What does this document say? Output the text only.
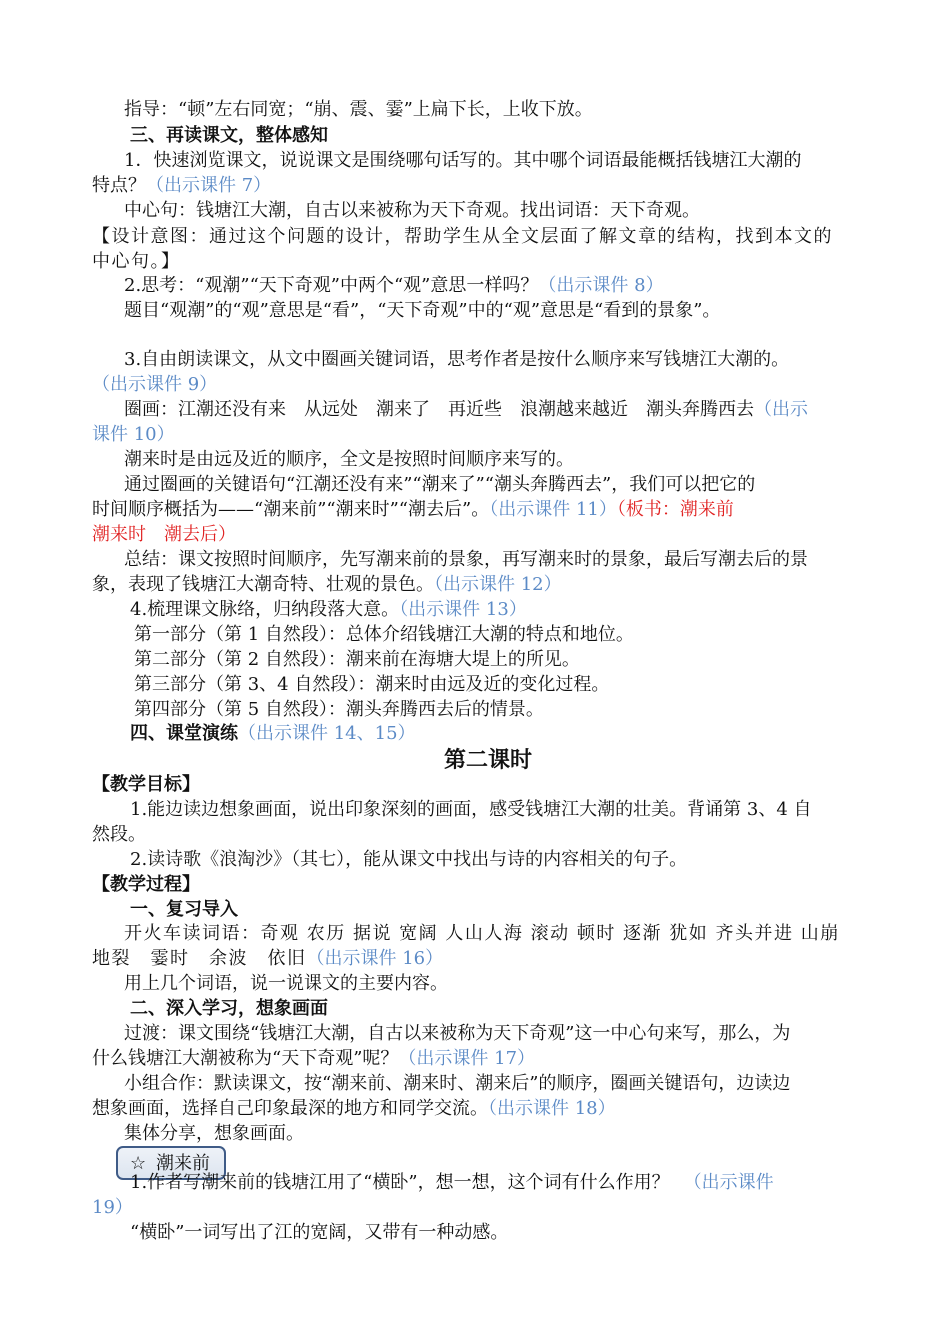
指导：“顿”左右同宽；“崩、震、霎”上扁下长，上收下放。
三、再读课文，整体感知
1．快速浏览课文，说说课文是围绕哪句话写的。其中哪个词语最能概括钱塘江大潮的
特点？（出示课件 7）
中心句：钱塘江大潮，自古以来被称为天下奇观。找出词语：天下奇观。
【设计意图：通过这个问题的设计，帮助学生从全文层面了解文章的结构，找到本文的
中心句。】
2.思考：“观潮”“天下奇观”中两个“观”意思一样吗？（出示课件 8）
题目“观潮”的“观”意思是“看”，“天下奇观”中的“观”意思是“看到的景象”。
3.自由朗读课文，从文中圈画关键词语，思考作者是按什么顺序来写钱塘江大潮的。
（出示课件 9）
圈画：江潮还没有来　从远处　潮来了　再近些　浪潮越来越近　潮头奔腾西去（出示
课件 10）
潮来时是由远及近的顺序，全文是按照时间顺序来写的。
通过圈画的关键语句“江潮还没有来”“潮来了”“潮头奔腾西去”，我们可以把它的
时间顺序概括为——“潮来前”“潮来时”“潮去后”。（出示课件 11）（板书：潮来前
潮来时　潮去后）
总结：课文按照时间顺序，先写潮来前的景象，再写潮来时的景象，最后写潮去后的景
象，表现了钱塘江大潮奇特、壮观的景色。（出示课件 12）
4.梳理课文脉络，归纳段落大意。（出示课件 13）
第一部分（第 1 自然段）：总体介绍钱塘江大潮的特点和地位。
第二部分（第 2 自然段）：潮来前在海塘大堤上的所见。
第三部分（第 3、4 自然段）：潮来时由远及近的变化过程。
第四部分（第 5 自然段）：潮头奔腾西去后的情景。
四、课堂演练（出示课件 14、15）
第二课时
【教学目标】
1.能边读边想象画面，说出印象深刻的画面，感受钱塘江大潮的壮美。背诵第 3、4 自
然段。
2.读诗歌《浪淘沙》（其七），能从课文中找出与诗的内容相关的句子。
【教学过程】
一、复习导入
开火车读词语：奇观 农历 据说 宽阔 人山人海 滚动 顿时 逐渐 犹如 齐头并进 山崩
地裂　霎时　余波　依旧（出示课件 16）
用上几个词语，说一说课文的主要内容。
二、深入学习，想象画面
过渡：课文围绕“钱塘江大潮，自古以来被称为天下奇观”这一中心句来写，那么，为
什么钱塘江大潮被称为“天下奇观”呢？（出示课件 17）
小组合作：默读课文，按“潮来前、潮来时、潮来后”的顺序，圈画关键语句，边读边
想象画面，选择自己印象最深的地方和同学交流。（出示课件 18）
集体分享，想象画面。
☆ 潮来前
1.作者写潮来前的钱塘江用了“横卧”，想一想，这个词有什么作用？ （出示课件
19）
“横卧”一词写出了江的宽阔，又带有一种动感。
